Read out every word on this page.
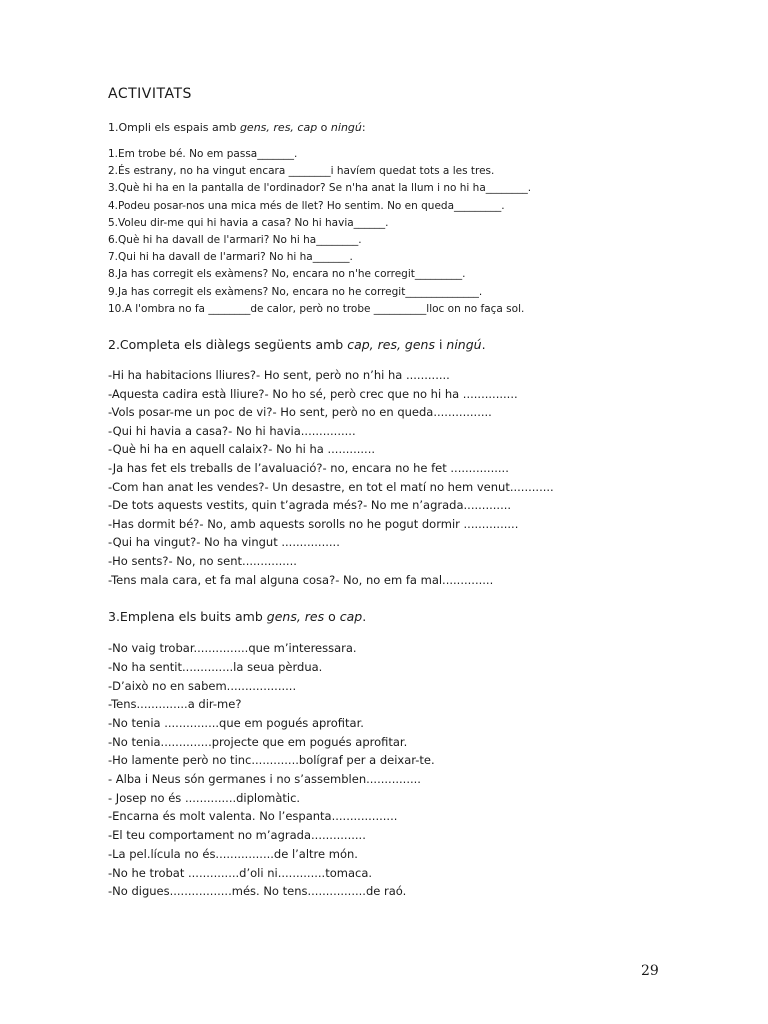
ACTIVITATS

1.Ompli els espais amb gens, res, cap o ningú:

1.Em trobe bé. No em passa_______.
2.És estrany, no ha vingut encara ________i havíem quedat tots a les tres.
3.Què hi ha en la pantalla de l'ordinador? Se n'ha anat la llum i no hi ha________.
4.Podeu posar-nos una mica més de llet? Ho sentim. No en queda_________.
5.Voleu dir-me qui hi havia a casa? No hi havia______.
6.Què hi ha davall de l'armari? No hi ha________.
7.Qui hi ha davall de l'armari? No hi ha_______.
8.Ja has corregit els exàmens? No, encara no n'he corregit_________.
9.Ja has corregit els exàmens? No, encara no he corregit______________.
10.A l'ombra no fa ________de calor, però no trobe __________lloc on no faça sol.

2.Completa els diàlegs següents amb cap, res, gens i ningú.

-Hi ha habitacions lliures?- Ho sent, però no n’hi ha ............
-Aquesta cadira està lliure?- No ho sé, però crec que no hi ha ...............
-Vols posar-me un poc de vi?- Ho sent, però no en queda................
-Qui hi havia a casa?- No hi havia...............
-Què hi ha en aquell calaix?- No hi ha .............
-Ja has fet els treballs de l’avaluació?- no, encara no he fet ................
-Com han anat les vendes?- Un desastre, en tot el matí no hem venut............
-De tots aquests vestits, quin t’agrada més?- No me n’agrada.............
-Has dormit bé?- No, amb aquests sorolls no he pogut dormir ...............
-Qui ha vingut?- No ha vingut ................
-Ho sents?- No, no sent...............
-Tens mala cara, et fa mal alguna cosa?- No, no em fa mal..............

3.Emplena els buits amb gens, res o cap.

-No vaig trobar...............que m’interessara.
-No ha sentit..............la seua pèrdua.
-D’això no en sabem...................
-Tens..............a dir-me?
-No tenia ...............que em pogués aprofitar.
-No tenia..............projecte que em pogués aprofitar.
-Ho lamente però no tinc.............bolígraf per a deixar-te.
- Alba i Neus són germanes i no s’assemblen...............
- Josep no és ..............diplomàtic.
-Encarna és molt valenta. No l’espanta..................
-El teu comportament no m’agrada...............
-La pel.lícula no és................de l’altre món.
-No he trobat ..............d’oli ni.............tomaca.
-No digues.................més. No tens................de raó.
29
